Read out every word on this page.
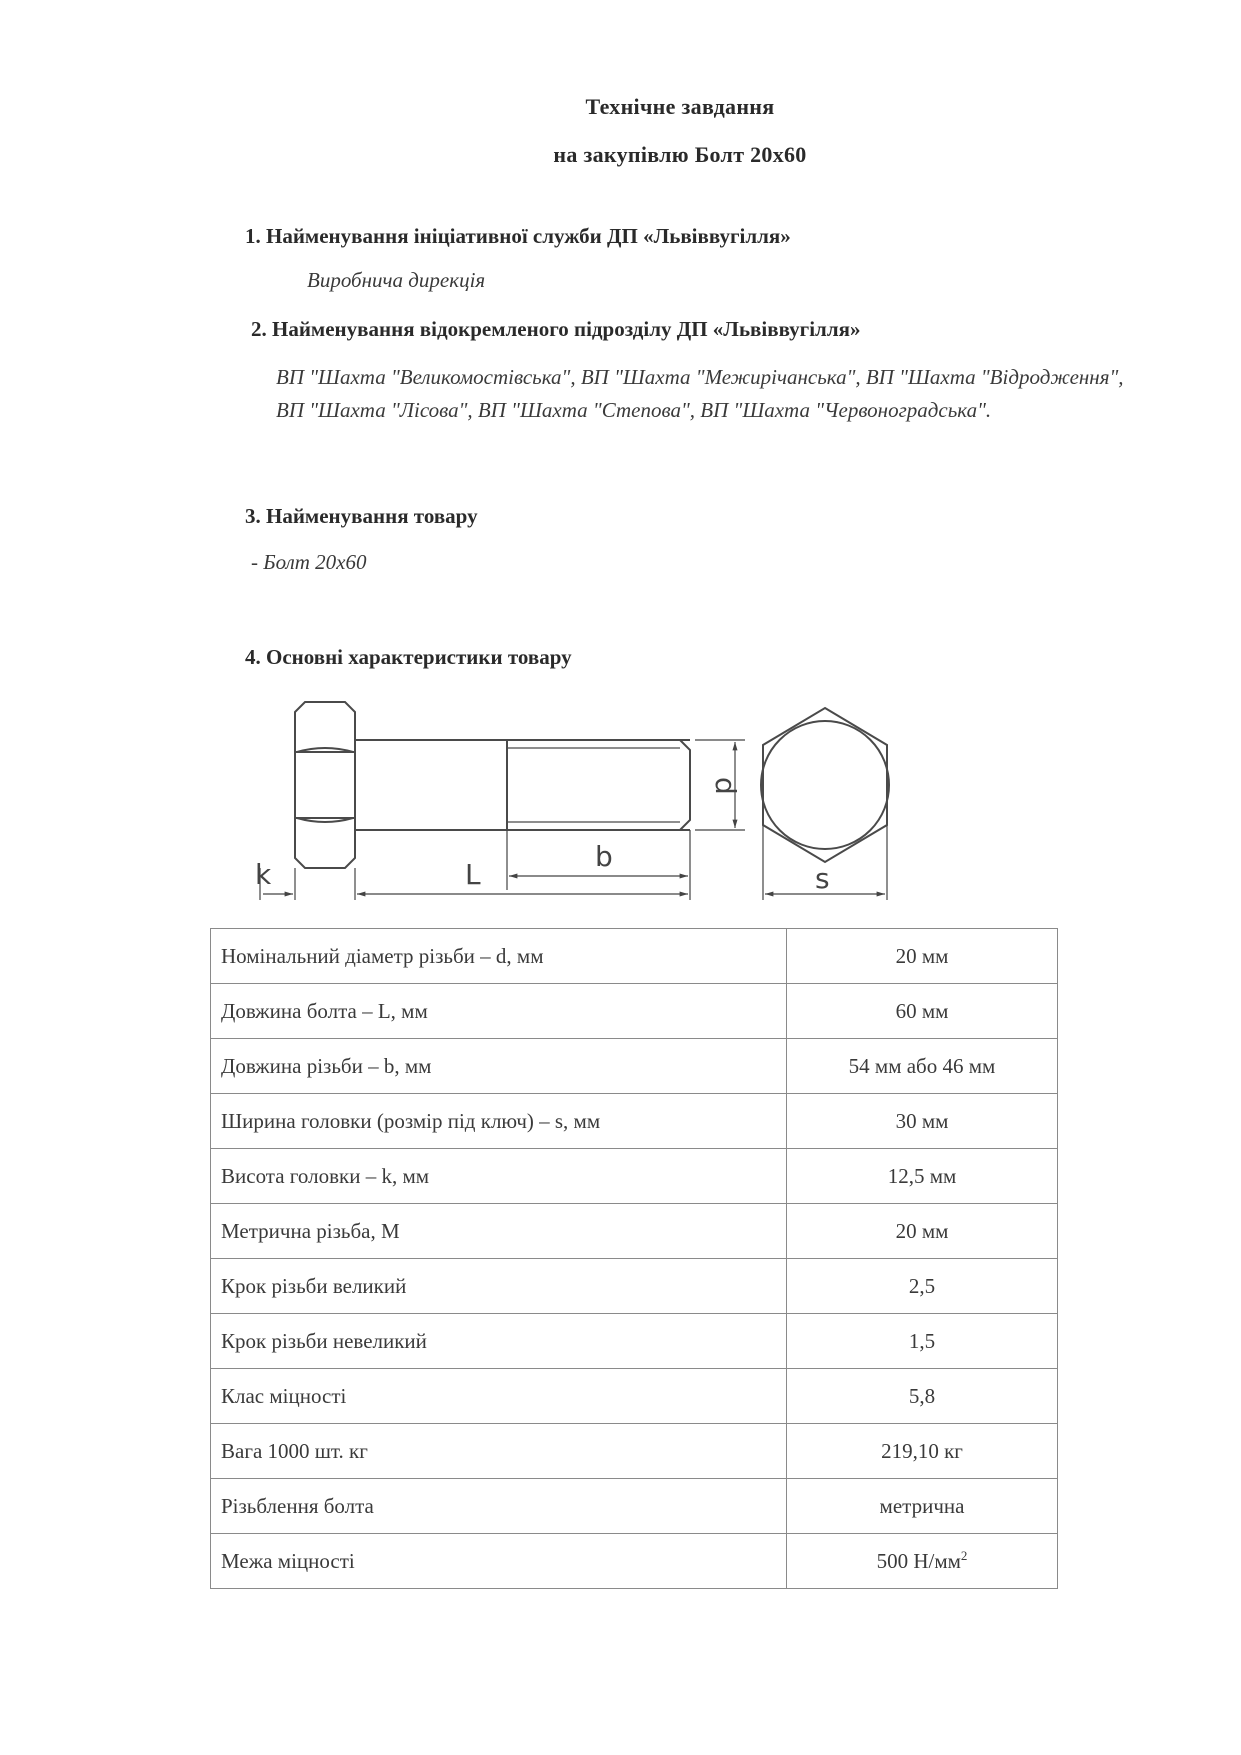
Технічне завдання
на закупівлю Болт 20х60
1. Найменування ініціативної служби ДП «Львіввугілля»
Виробнича дирекція
2. Найменування відокремленого підрозділу ДП «Львіввугілля»
ВП "Шахта "Великомостівська", ВП "Шахта "Межирічанська", ВП "Шахта "Відродження", ВП "Шахта "Лісова", ВП "Шахта "Степова", ВП "Шахта "Червоноградська".
3. Найменування товару
- Болт 20х60
4. Основні характеристики товару
k	L
b
d
s
Номінальний діаметр різьби – d, мм	20 мм
Довжина болта – L, мм	60 мм
Довжина різьби – b, мм	54 мм або 46 мм
Ширина головки (розмір під ключ) – s, мм	30 мм
Висота головки – k, мм	12,5 мм
Метрична різьба, М	20 мм
Крок різьби великий	2,5
Крок різьби невеликий	1,5
Клас міцності	5,8
Вага 1000 шт. кг	219,10 кг
Різьблення болта	метрична
Межа міцності	500 $Н/мм^2$
